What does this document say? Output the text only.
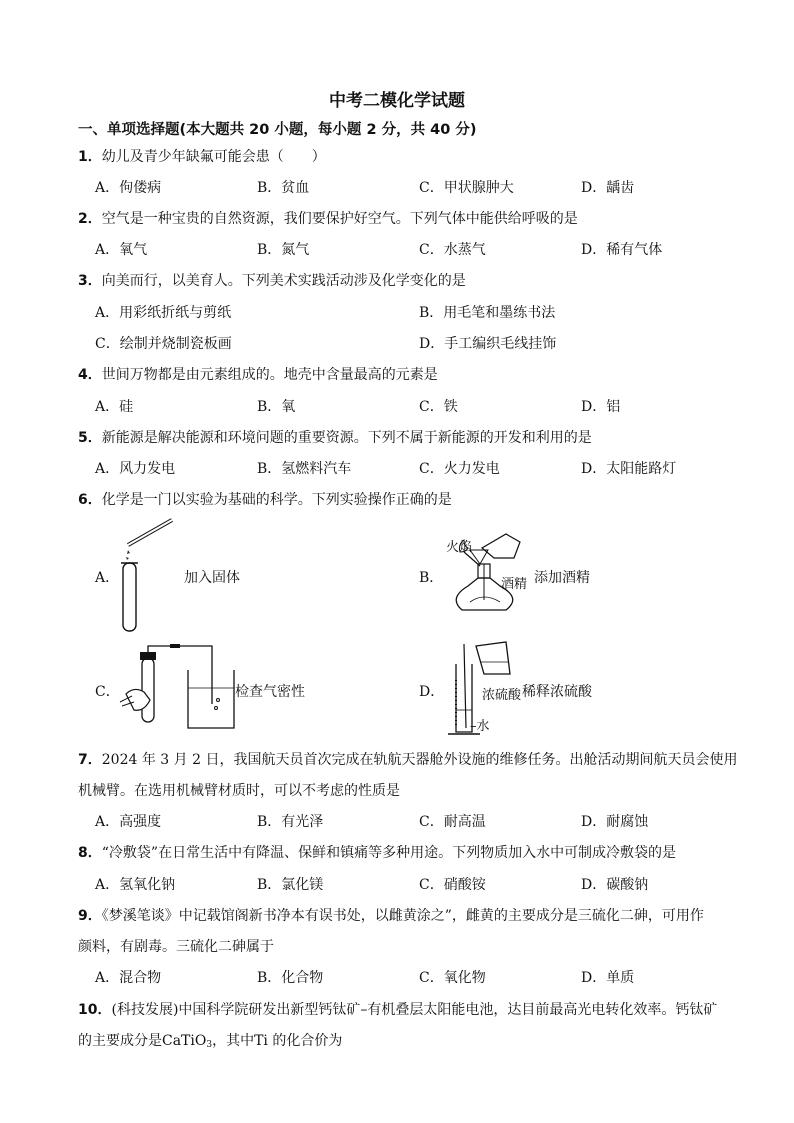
中考二模化学试题
一、单项选择题(本大题共 20 小题，每小题 2 分，共 40 分)
1．幼儿及青少年缺氟可能会患（　　）
A．佝偻病	B．贫血	C．甲状腺肿大	D．龋齿
2．空气是一种宝贵的自然资源，我们要保护好空气。下列气体中能供给呼吸的是
A．氧气	B．氮气	C．水蒸气	D．稀有气体
3．向美而行，以美育人。下列美术实践活动涉及化学变化的是
A．用彩纸折纸与剪纸	B．用毛笔和墨练书法
C．绘制并烧制瓷板画	D．手工编织毛线挂饰
4．世间万物都是由元素组成的。地壳中含量最高的元素是
A．硅	B．氧	C．铁	D．铝
5．新能源是解决能源和环境问题的重要资源。下列不属于新能源的开发和利用的是
A．风力发电	B．氢燃料汽车	C．火力发电	D．太阳能路灯
6．化学是一门以实验为基础的科学。下列实验操作正确的是
A．	加入固体	B．
火焰
酒精 添加酒精
C．	检查气密性	D．	浓硫酸 稀释浓硫酸
–水
7．2024 年 3 月 2 日，我国航天员首次完成在轨航天器舱外设施的维修任务。出舱活动期间航天员会使用
机械臂。在选用机械臂材质时，可以不考虑的性质是
A．高强度	B．有光泽	C．耐高温	D．耐腐蚀
8．“冷敷袋”在日常生活中有降温、保鲜和镇痛等多种用途。下列物质加入水中可制成冷敷袋的是
A．氢氧化钠	B．氯化镁	C．硝酸铵	D．碳酸钠
9．《梦溪笔谈》中记载馆阁新书净本有误书处，以雌黄涂之”，雌黄的主要成分是三硫化二砷，可用作
颜料，有剧毒。三硫化二砷属于
A．混合物	B．化合物	C．氧化物	D．单质
10．(科技发展)中国科学院研发出新型钙钛矿–有机叠层太阳能电池，达目前最高光电转化效率。钙钛矿
的主要成分是CaTiO$_3$，其中Ti 的化合价为
